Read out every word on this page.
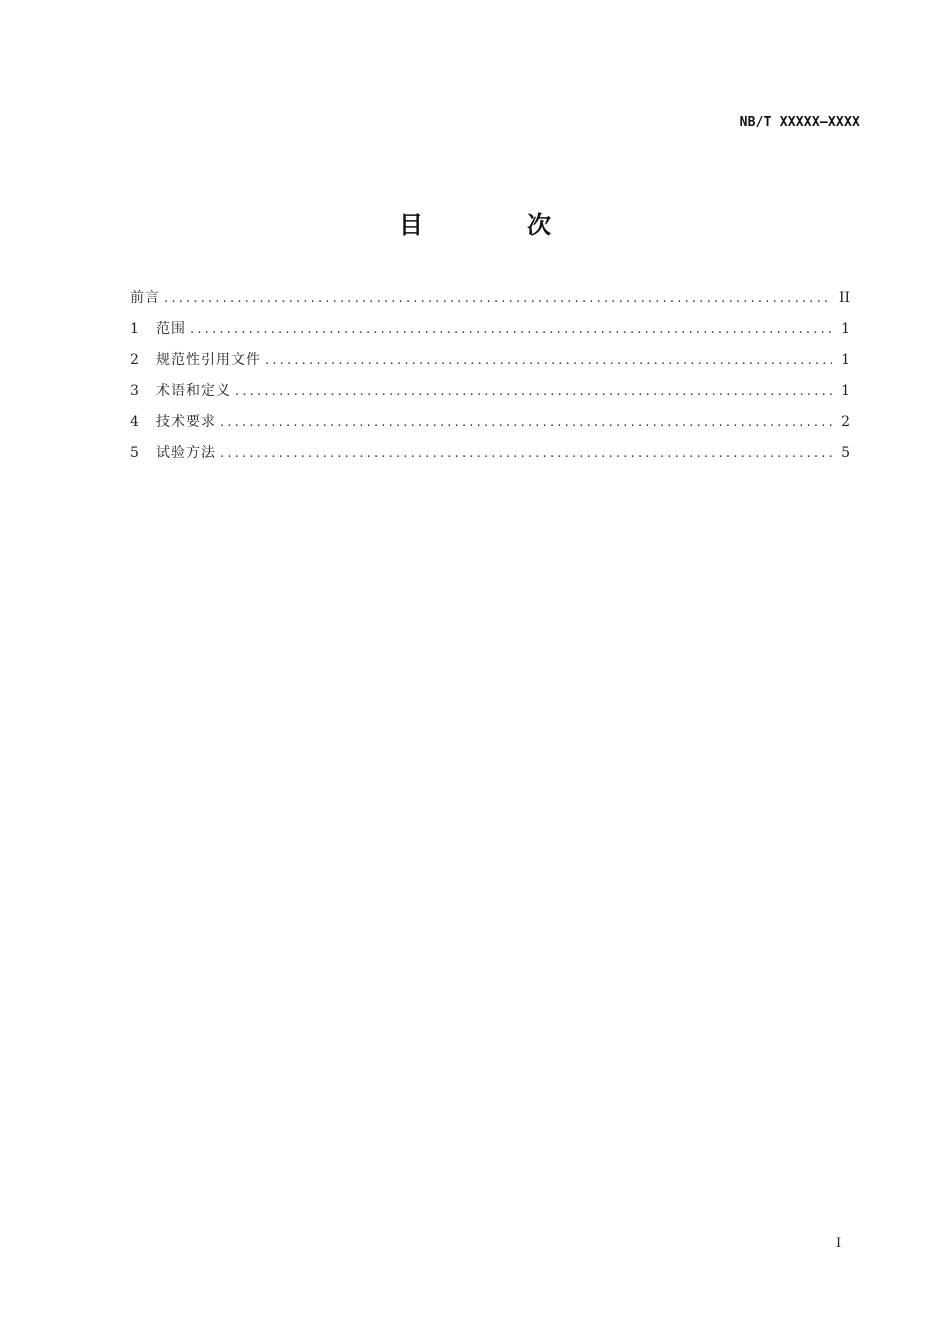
NB/T XXXXX—XXXX
目　次
前言 .....	II
1	范围 .....	1
2	规范性引用文件 .....	1
3	术语和定义 .....	1
4	技术要求 .....	2
5	试验方法 .....	5
I
